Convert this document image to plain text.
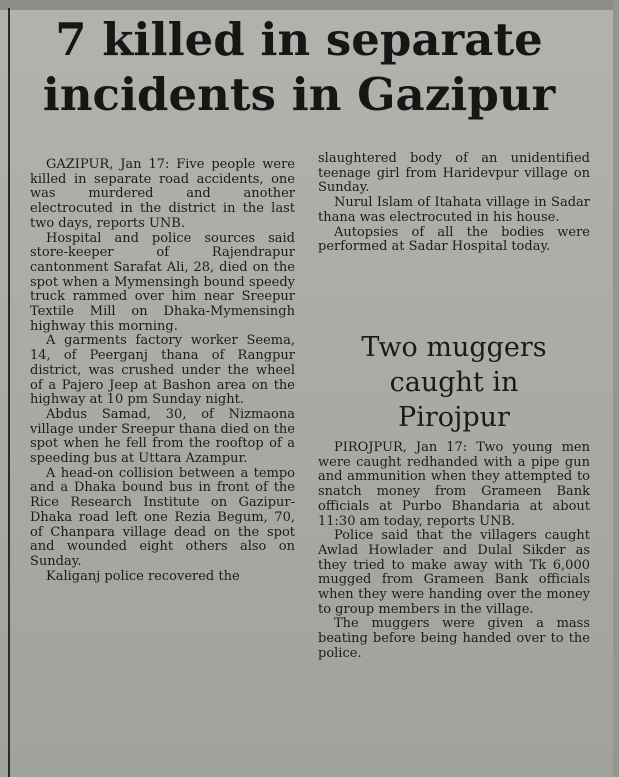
7 killed in separate
incidents in Gazipur

GAZIPUR, Jan 17: Five people were killed in separate road accidents, one was murdered and another electrocuted in the district in the last two days, reports UNB.

Hospital and police sources said store-keeper of Rajendrapur cantonment Sarafat Ali, 28, died on the spot when a Mymensingh bound speedy truck rammed over him near Sreepur Textile Mill on Dhaka-Mymensingh highway this morning.

A garments factory worker Seema, 14, of Peerganj thana of Rangpur district, was crushed under the wheel of a Pajero Jeep at Bashon area on the highway at 10 pm Sunday night.

Abdus Samad, 30, of Nizmaona village under Sreepur thana died on the spot when he fell from the rooftop of a speeding bus at Uttara Azampur.

A head-on collision between a tempo and a Dhaka bound bus in front of the Rice Research Institute on Gazipur-Dhaka road left one Rezia Begum, 70, of Chanpara village dead on the spot and wounded eight others also on Sunday.

Kaliganj police recovered the

slaughtered body of an unidentified teenage girl from Haridevpur village on Sunday.

Nurul Islam of Itahata village in Sadar thana was electrocuted in his house.

Autopsies of all the bodies were performed at Sadar Hospital today.

Two muggers
caught in
Pirojpur

PIROJPUR, Jan 17: Two young men were caught redhanded with a pipe gun and ammunition when they attempted to snatch money from Grameen Bank officials at Purbo Bhandaria at about 11:30 am today, reports UNB.

Police said that the villagers caught Awlad Howlader and Dulal Sikder as they tried to make away with Tk 6,000 mugged from Grameen Bank officials when they were handing over the money to group members in the village.

The muggers were given a mass beating before being handed over to the police.
